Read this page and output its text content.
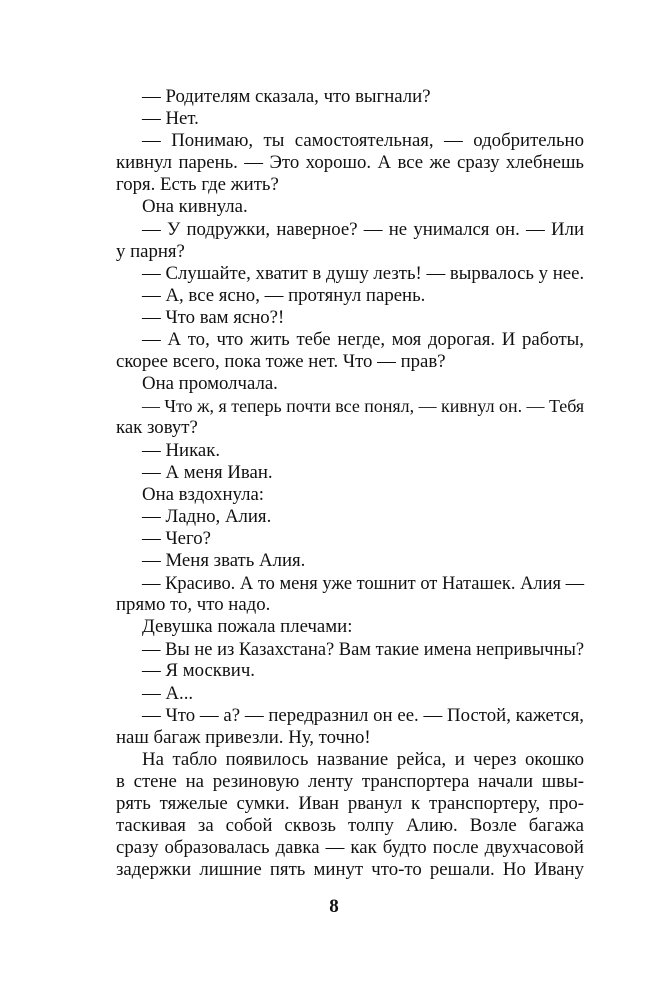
— Родителям сказала, что выгнали?
— Нет.
— Понимаю, ты самостоятельная, — одобрительно
кивнул парень. — Это хорошо. А все же сразу хлебнешь
горя. Есть где жить?
Она кивнула.
— У подружки, наверное? — не унимался он. — Или
у парня?
— Слушайте, хватит в душу лезть! — вырвалось у нее.
— А, все ясно, — протянул парень.
— Что вам ясно?!
— А то, что жить тебе негде, моя дорогая. И работы,
скорее всего, пока тоже нет. Что — прав?
Она промолчала.
— Что ж, я теперь почти все понял, — кивнул он. — Тебя
как зовут?
— Никак.
— А меня Иван.
Она вздохнула:
— Ладно, Алия.
— Чего?
— Меня звать Алия.
— Красиво. А то меня уже тошнит от Наташек. Алия —
прямо то, что надо.
Девушка пожала плечами:
— Вы не из Казахстана? Вам такие имена непривычны?
— Я москвич.
— А...
— Что — а? — передразнил он ее. — Постой, кажется,
наш багаж привезли. Ну, точно!
На табло появилось название рейса, и через окошко
в стене на резиновую ленту транспортера начали швы-
рять тяжелые сумки. Иван рванул к транспортеру, про-
таскивая за собой сквозь толпу Алию. Возле багажа
сразу образовалась давка — как будто после двухчасовой
задержки лишние пять минут что-то решали. Но Ивану
8
